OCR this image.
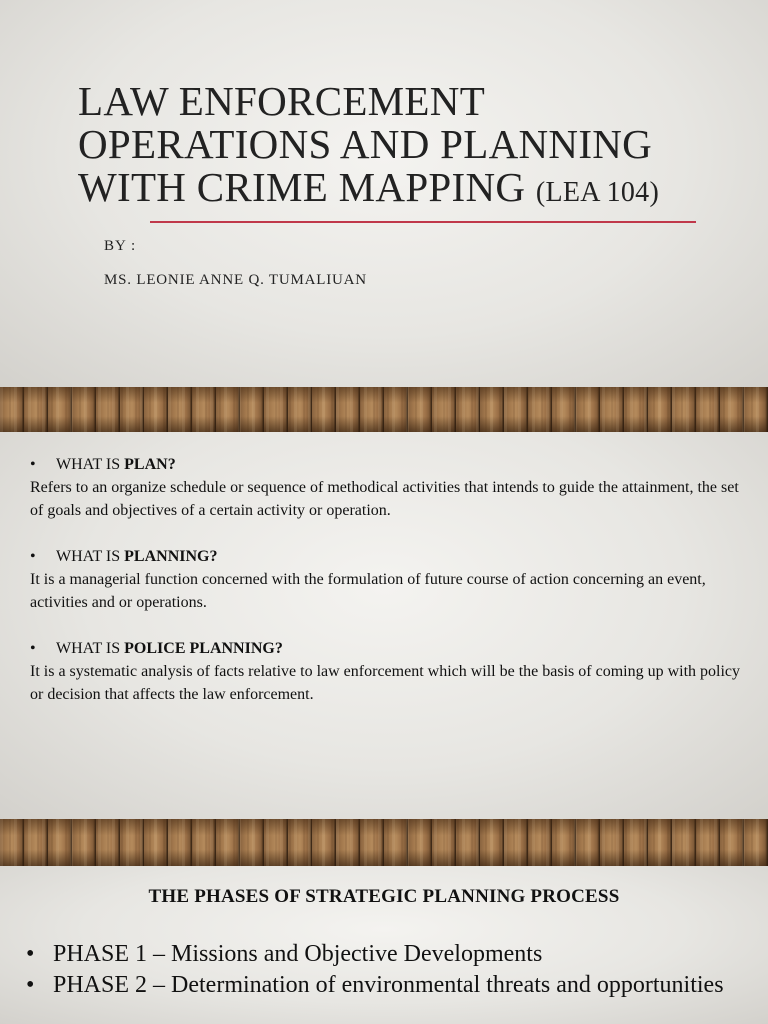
LAW ENFORCEMENT OPERATIONS AND PLANNING WITH CRIME MAPPING (LEA 104)
BY :
MS. LEONIE ANNE Q. TUMALIUAN
• WHAT IS PLAN?
Refers to an organize schedule or sequence of methodical activities that intends to guide the attainment, the set of goals and objectives of a certain activity or operation.
• WHAT IS PLANNING?
It is a managerial function concerned with the formulation of future course of action concerning an event, activities and or operations.
• WHAT IS POLICE PLANNING?
It is a systematic analysis of facts relative to law enforcement which will be the basis of coming up with policy or decision that affects the law enforcement.
THE PHASES OF STRATEGIC PLANNING PROCESS
• PHASE 1 – Missions and Objective Developments
• PHASE 2 – Determination of environmental threats and opportunities
